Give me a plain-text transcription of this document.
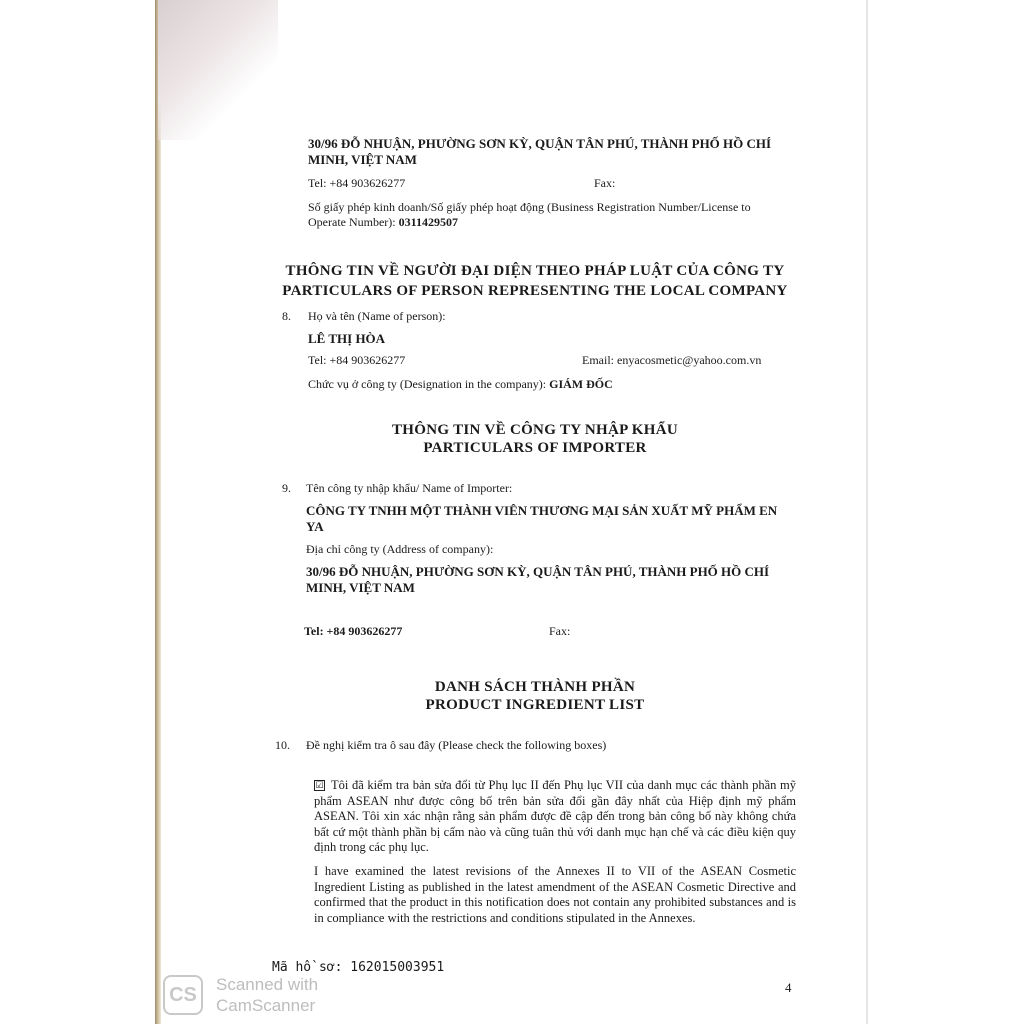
30/96 ĐỖ NHUẬN, PHƯỜNG SƠN KỲ, QUẬN TÂN PHÚ, THÀNH PHỐ HỒ CHÍ
MINH, VIỆT NAM
Tel: +84 903626277	Fax:
Số giấy phép kinh doanh/Số giấy phép hoạt động (Business Registration Number/License to
Operate Number): 0311429507
THÔNG TIN VỀ NGƯỜI ĐẠI DIỆN THEO PHÁP LUẬT CỦA CÔNG TY
PARTICULARS OF PERSON REPRESENTING THE LOCAL COMPANY
8. Họ và tên (Name of person):
LÊ THỊ HÒA
Tel: +84 903626277	Email: enyacosmetic@yahoo.com.vn
Chức vụ ở công ty (Designation in the company): GIÁM ĐỐC
THÔNG TIN VỀ CÔNG TY NHẬP KHẨU
PARTICULARS OF IMPORTER
9. Tên công ty nhập khẩu/ Name of Importer:
CÔNG TY TNHH MỘT THÀNH VIÊN THƯƠNG MẠI SẢN XUẤT MỸ PHẨM EN
YA
Địa chỉ công ty (Address of company):
30/96 ĐỖ NHUẬN, PHƯỜNG SƠN KỲ, QUẬN TÂN PHÚ, THÀNH PHỐ HỒ CHÍ
MINH, VIỆT NAM
Tel: +84 903626277	Fax:
DANH SÁCH THÀNH PHẦN
PRODUCT INGREDIENT LIST
10. Đề nghị kiểm tra ô sau đây (Please check the following boxes)
☑ Tôi đã kiểm tra bản sửa đổi từ Phụ lục II đến Phụ lục VII của danh mục các thành phần mỹ phẩm ASEAN như được công bố trên bản sửa đổi gần đây nhất của Hiệp định mỹ phẩm ASEAN. Tôi xin xác nhận rằng sản phẩm được đề cập đến trong bản công bố này không chứa bất cứ một thành phần bị cấm nào và cũng tuân thủ với danh mục hạn chế và các điều kiện quy định trong các phụ lục.
I have examined the latest revisions of the Annexes II to VII of the ASEAN Cosmetic Ingredient Listing as published in the latest amendment of the ASEAN Cosmetic Directive and confirmed that the product in this notification does not contain any prohibited substances and is in compliance with the restrictions and conditions stipulated in the Annexes.
Mã hồ sơ: 162015003951
4
CS	Scanned with
CamScanner
